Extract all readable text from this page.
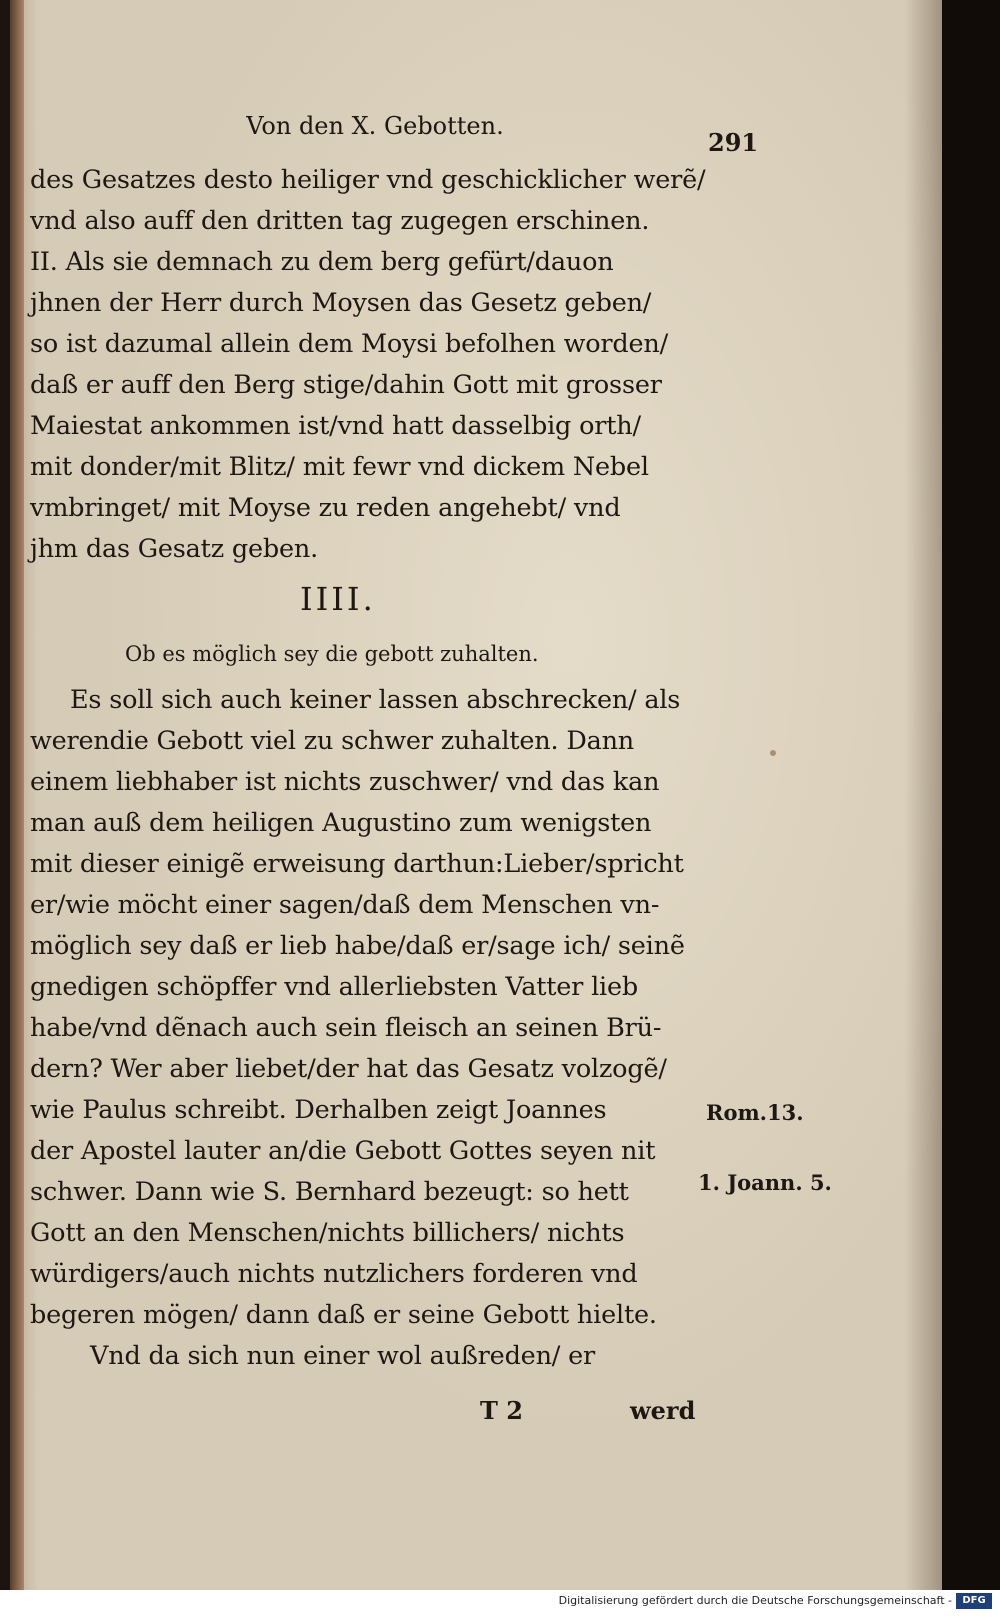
Von den X. Gebotten.
291
des Gesatzes desto heiliger vnd geschicklicher werẽ/
vnd also auff den dritten tag zugegen erschinen.
II. Als sie demnach zu dem berg gefürt/dauon
jhnen der Herr durch Moysen das Gesetz geben/
so ist dazumal allein dem Moysi befolhen worden/
daß er auff den Berg stige/dahin Gott mit grosser
Maiestat ankommen ist/vnd hatt dasselbig orth/
mit donder/mit Blitz/ mit fewr vnd dickem Nebel
vmbringet/ mit Moyse zu reden angehebt/ vnd
jhm das Gesatz geben.
IIII.
Ob es möglich sey die gebott zuhalten.
Es soll sich auch keiner lassen abschrecken/ als
werendie Gebott viel zu schwer zuhalten. Dann
einem liebhaber ist nichts zuschwer/ vnd das kan
man auß dem heiligen Augustino zum wenigsten
mit dieser einigẽ erweisung darthun:Lieber/spricht
er/wie möcht einer sagen/daß dem Menschen vn-
möglich sey daß er lieb habe/daß er/sage ich/ seinẽ
gnedigen schöpffer vnd allerliebsten Vatter lieb
habe/vnd dẽnach auch sein fleisch an seinen Brü-
dern? Wer aber liebet/der hat das Gesatz volzogẽ/
wie Paulus schreibt. Derhalben zeigt Joannes
der Apostel lauter an/die Gebott Gottes seyen nit
schwer. Dann wie S. Bernhard bezeugt: so hett
Gott an den Menschen/nichts billichers/ nichts
würdigers/auch nichts nutzlichers forderen vnd
begeren mögen/ dann daß er seine Gebott hielte.
Vnd da sich nun einer wol außreden/ er
Rom.13.
1. Joann. 5.
T 2	werd
Digitalisierung gefördert durch die Deutsche Forschungsgemeinschaft -	DFG
